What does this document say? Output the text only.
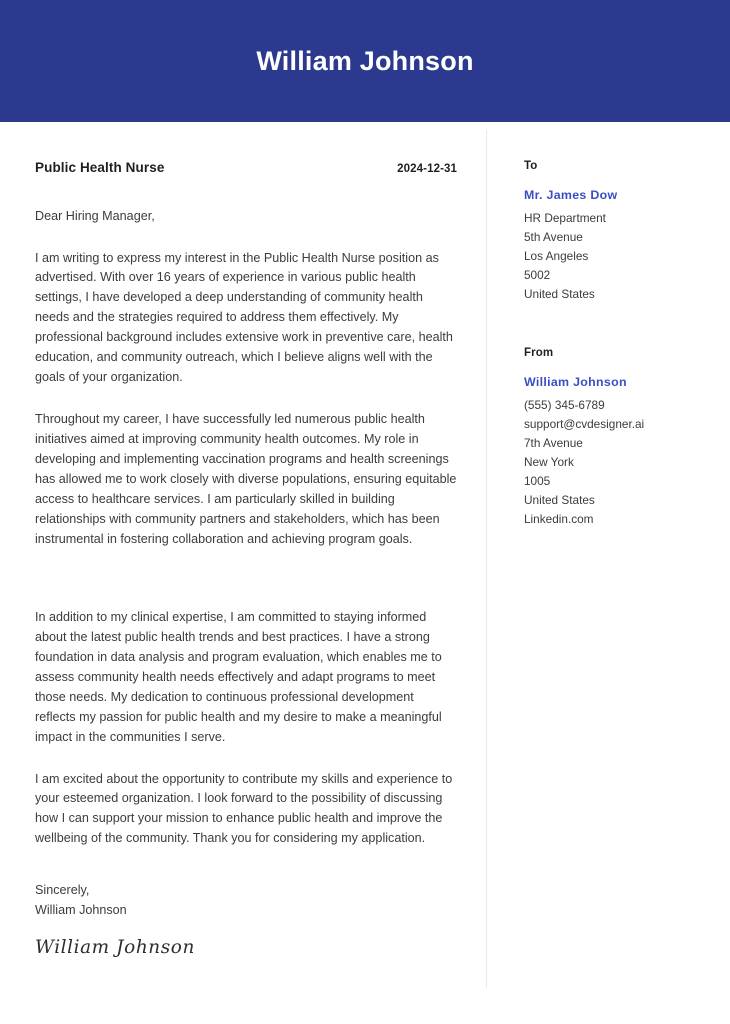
William Johnson
Public Health Nurse	2024-12-31
Dear Hiring Manager,

I am writing to express my interest in the Public Health Nurse position as advertised. With over 16 years of experience in various public health settings, I have developed a deep understanding of community health needs and the strategies required to address them effectively. My professional background includes extensive work in preventive care, health education, and community outreach, which I believe aligns well with the goals of your organization.

Throughout my career, I have successfully led numerous public health initiatives aimed at improving community health outcomes. My role in developing and implementing vaccination programs and health screenings has allowed me to work closely with diverse populations, ensuring equitable access to healthcare services. I am particularly skilled in building relationships with community partners and stakeholders, which has been instrumental in fostering collaboration and achieving program goals.

In addition to my clinical expertise, I am committed to staying informed about the latest public health trends and best practices. I have a strong foundation in data analysis and program evaluation, which enables me to assess community health needs effectively and adapt programs to meet those needs. My dedication to continuous professional development reflects my passion for public health and my desire to make a meaningful impact in the communities I serve.

I am excited about the opportunity to contribute my skills and experience to your esteemed organization. I look forward to the possibility of discussing how I can support your mission to enhance public health and improve the wellbeing of the community. Thank you for considering my application.

Sincerely,
William Johnson
William Johnson
To
Mr. James Dow
HR Department
5th Avenue
Los Angeles
5002
United States
From
William Johnson
(555) 345-6789
support@cvdesigner.ai
7th Avenue
New York
1005
United States
Linkedin.com
